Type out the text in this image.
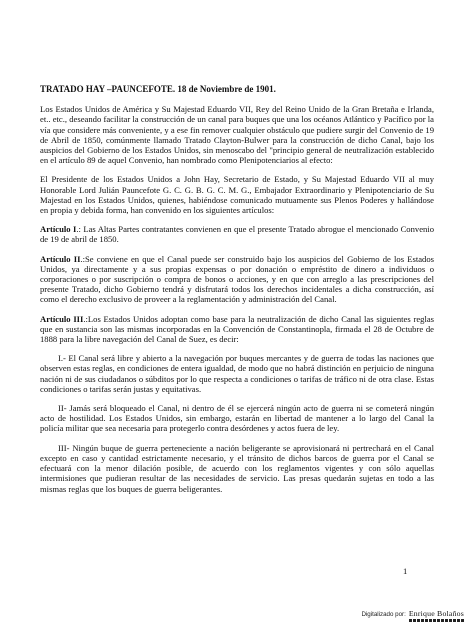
TRATADO HAY –PAUNCEFOTE. 18 de Noviembre de 1901.

Los Estados Unidos de América y Su Majestad Eduardo VII, Rey del Reino Unido de la Gran Bretaña e Irlanda, et.. etc., deseando facilitar la construcción de un canal para buques que una los océanos Atlántico y Pacífico por la vía que considere más conveniente, y a ese fin remover cualquier obstáculo que pudiere surgir del Convenio de 19 de Abril de 1850, comúnmente llamado Tratado Clayton-Bulwer para la construcción de dicho Canal, bajo los auspicios del Gobierno de los Estados Unidos, sin menoscabo del "principio general de neutralización establecido en el artículo 89 de aquel Convenio, han nombrado como Plenipotenciarios al efecto:

El Presidente de los Estados Unidos a John Hay, Secretario de Estado, y Su Majestad Eduardo VII al muy Honorable Lord Julián Pauncefote G. C. G. B. G. C. M. G., Embajador Extraordinario y Plenipotenciario de Su Majestad en los Estados Unidos, quienes, habiéndose comunicado mutuamente sus Plenos Poderes y hallándose en propia y debida forma, han convenido en los siguientes artículos:

Artículo I.: Las Altas Partes contratantes convienen en que el presente Tratado abrogue el mencionado Convenio de 19 de abril de 1850.

Artículo II.:Se conviene en que el Canal puede ser construido bajo los auspicios del Gobierno de los Estados Unidos, ya directamente y a sus propias expensas o por donación o empréstito de dinero a individuos o corporaciones o por suscripción o compra de bonos o acciones, y en que con arreglo a las prescripciones del presente Tratado, dicho Gobierno tendrá y disfrutará todos los derechos incidentales a dicha construcción, así como el derecho exclusivo de proveer a la reglamentación y administración del Canal.

Artículo III.:Los Estados Unidos adoptan como base para la neutralización de dicho Canal las siguientes reglas que en sustancia son las mismas incorporadas en la Convención de Constantinopla, firmada el 28 de Octubre de 1888 para la libre navegación del Canal de Suez, es decir:

I.- El Canal será libre y abierto a la navegación por buques mercantes y de guerra de todas las naciones que observen estas reglas, en condiciones de entera igualdad, de modo que no habrá distinción en perjuicio de ninguna nación ni de sus ciudadanos o súbditos por lo que respecta a condiciones o tarifas de tráfico ni de otra clase. Estas condiciones o tarifas serán justas y equitativas.

II- Jamás será bloqueado el Canal, ni dentro de él se ejercerá ningún acto de guerra ni se cometerá ningún acto de hostilidad. Los Estados Unidos, sin embargo, estarán en libertad de mantener a lo largo del Canal la policía militar que sea necesaria para protegerlo contra desórdenes y actos fuera de ley.

III- Ningún buque de guerra perteneciente a nación beligerante se aprovisionará ni pertrechará en el Canal excepto en caso y cantidad estrictamente necesario, y el tránsito de dichos barcos de guerra por el Canal se efectuará con la menor dilación posible, de acuerdo con los reglamentos vigentes y con sólo aquellas intermisiones que pudieran resultar de las necesidades de servicio. Las presas quedarán sujetas en todo a las mismas reglas que los buques de guerra beligerantes.

1
Digitalizado por: Enrique Bolaños
